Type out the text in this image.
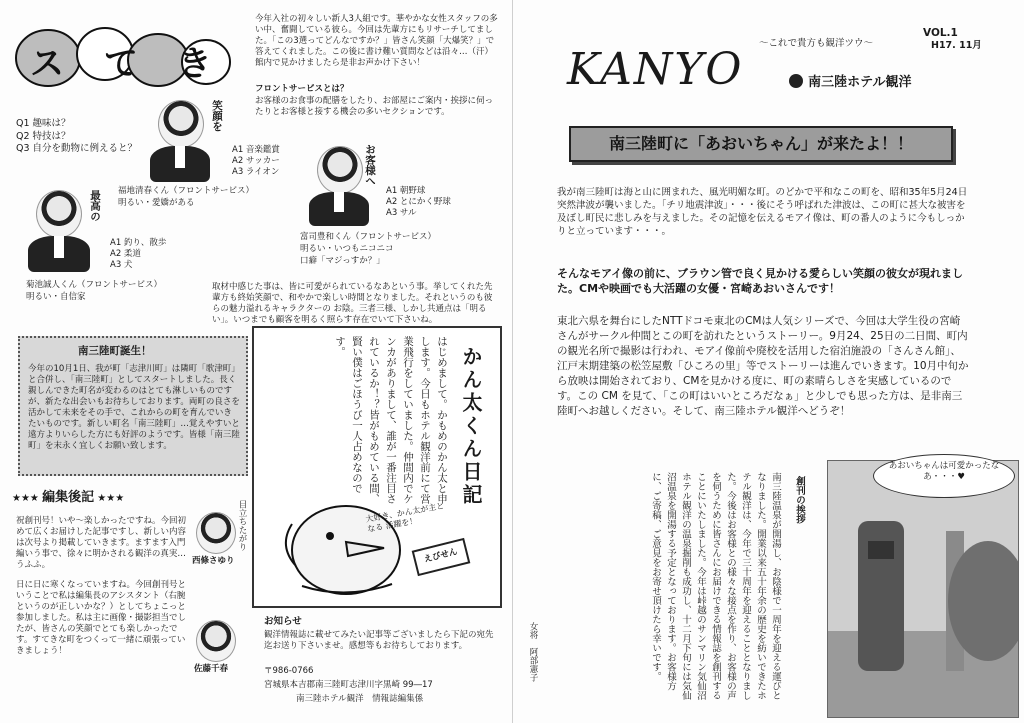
ス て き
今年入社の初々しい新人3人組です。華やかな女性スタッフの多い中、奮闘している彼ら。今回は先輩方にもリサーチしてました。「この3選ってどんなですか？」皆さん笑顔「大爆笑？」で答えてくれました。この後に書け難い質問などは沿々…（汗）館内で見かけましたら是非お声かけ下さい！
フロントサービスとは？
お客様のお食事の配膳をしたり、お部屋にご案内・挨拶に伺ったりとお客様と接する機会の多いセクションです。
Q1 趣味は？
Q2 特技は？
Q3 自分を動物に例えると？
笑顔を
A1 音楽鑑賞
A2 サッカー
A3 ライオン
福地清春くん（フロントサービス）
明るい・愛嬌がある
お客様へ
A1 朝野球
A2 とにかく野球
A3 サル
富司豊和くん（フロントサービス）
明るい・いつもニコニコ
口癖「マジっすか？」
最高の
A1 釣り、散歩
A2 柔道
A3 犬
菊池誠人くん（フロントサービス）
明るい・自信家
取材中感じた事は、皆に可愛がられているなあという事。挙してくれた先輩方も終始笑顔で、和やかで楽しい時間となりました。それというのも彼らの魅力溢れるキャラクターの お陰。三者三様、しかし共通点は「明るい」。いつまでも顧客を明るく照らす存在でいて下さいね。
南三陸町誕生！
今年の10月1日、我が町「志津川町」は隣町「歌津町」と合併し、「南三陸町」としてスタートしました。長く親しんできた町名が変わるのはとても淋しいものですが、新たな出会いもお待ちしております。両町の良さを活かして未来をその手で、これからの町を育んでいきたいものです。新しい町名「南三陸町」…覚えやすいと遠方よりいらした方にも好評のようです。皆様「南三陸町」を末永く宜しくお願い致します。	かん太くん日記
はじめまして。かもめのかん太と申します。今日もホテル観洋前にて営業飛行をしていました。仲間内でケンカがありまして、誰が一番注目されているか！？皆がもめている間、賢い僕はごほうび一人占めなのです。
大好き、かん太が主となる 活躍を！
えびせん
★★★ 編集後記 ★★★
祝創刊号！いや～楽しかったですね。今回初めて広くお届けした記事ですし、新しい内容は次号より掲載していきます。ますます入門編いう事で、徐々に明かされる観洋の真実…うふふ。
目立ちたがり
西條さゆり
日に日に寒くなっていますね。今回創刊号ということで私は編集長のアシスタント（右腕というのが正しいかな？）としてちょこっと参加しました。私は主に画像・撮影担当でしたが、皆さんの笑顔でとても楽しかったです。すてきな町をつくって一緒に頑張っていきましょう！
佐藤千春
お知らせ
観洋情報誌に載せてみたい記事等ございましたら下記の宛先迄お送り下さいませ。感想等もお待ちしております。
〒986-0766
宮城県本吉郡南三陸町志津川字黒崎 99―17
南三陸ホテル観洋　情報誌編集係
KANYO
～これで貴方も観洋ツウ～
VOL.1
H17. 11月
南三陸ホテル観洋
南三陸町に「あおいちゃん」が来たよ！！
我が南三陸町は海と山に囲まれた、風光明媚な町。のどかで平和なこの町を、昭和35年5月24日突然津波が襲いました。「チリ地震津波」・・・後にそう呼ばれた津波は、この町に甚大な被害を及ぼし町民に悲しみを与えました。その記憶を伝えるモアイ像は、町の番人のように今もしっかりと立っています・・・。
そんなモアイ像の前に、ブラウン管で良く見かける愛らしい笑顔の彼女が現れました。CMや映画でも大活躍の女優・宮崎あおいさんです！
東北六県を舞台にしたNTTドコモ東北のCMは人気シリーズで、今回は大学生役の宮崎さんがサークル仲間とこの町を訪れたというストーリー。9月24、25日の二日間、町内の観光名所で撮影は行われ、モアイ像前や廃校を活用した宿泊施設の「さんさん館」、江戸末期建築の松笠屋敷「ひころの里」等でストーリーは進んでいきます。10月中旬から放映は開始されており、CMを見かける度に、町の素晴らしさを実感しているのです。この CM を見て、「この町はいいところだなぁ」と少しでも思った方は、是非南三陸町へお越しください。そして、南三陸ホテル観洋へどうぞ！
創刊の挨拶
南三陸温泉が開湯し、お陰様で一周年を迎える運びとなりました。開業以来五十年余の歴史を紡いできたホテル観洋は、今年で三十周年を迎えることとなりました。今後はお客様との様々な接点を作り、お客様の声を伺うために皆さんにお届けできる情報誌を創刊することにいたしました。今年は峠越のサンマリン気仙沼ホテル観洋の温泉掘削も成功し、十二月下旬には気仙沼温泉を開湯する予定となっております。お客様方に、ご寄稿、ご意見をお寄せ頂けたら幸いです。
女将　阿部憲子
あおいちゃんは可愛かったなあ・・・♥
